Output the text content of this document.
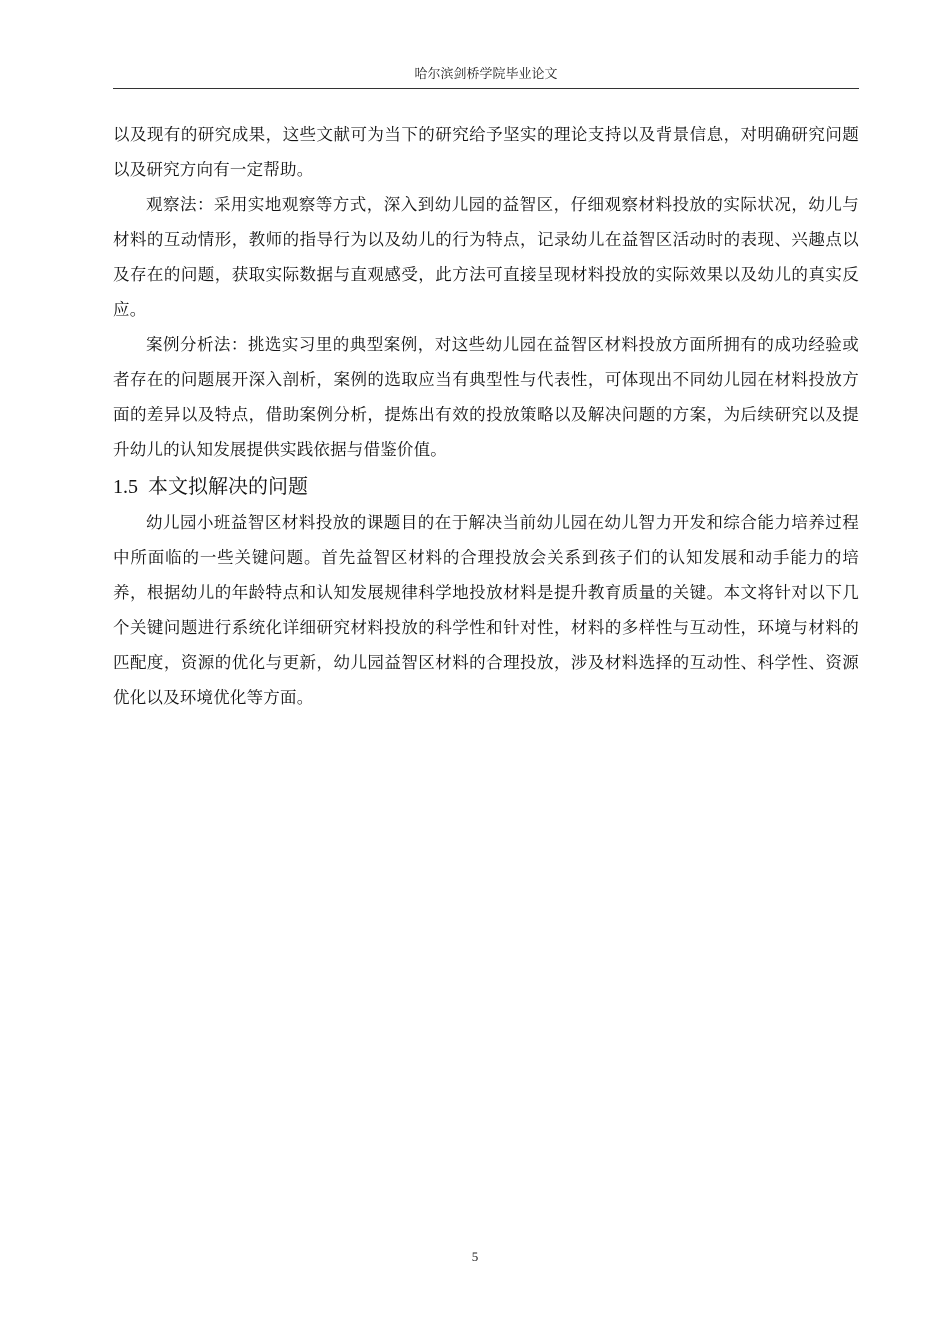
哈尔滨剑桥学院毕业论文

以及现有的研究成果，这些文献可为当下的研究给予坚实的理论支持以及背景信息，对明确研究问题以及研究方向有一定帮助。

观察法：采用实地观察等方式，深入到幼儿园的益智区，仔细观察材料投放的实际状况，幼儿与材料的互动情形，教师的指导行为以及幼儿的行为特点，记录幼儿在益智区活动时的表现、兴趣点以及存在的问题，获取实际数据与直观感受，此方法可直接呈现材料投放的实际效果以及幼儿的真实反应。

案例分析法：挑选实习里的典型案例，对这些幼儿园在益智区材料投放方面所拥有的成功经验或者存在的问题展开深入剖析，案例的选取应当有典型性与代表性，可体现出不同幼儿园在材料投放方面的差异以及特点，借助案例分析，提炼出有效的投放策略以及解决问题的方案，为后续研究以及提升幼儿的认知发展提供实践依据与借鉴价值。

1.5 本文拟解决的问题

幼儿园小班益智区材料投放的课题目的在于解决当前幼儿园在幼儿智力开发和综合能力培养过程中所面临的一些关键问题。首先益智区材料的合理投放会关系到孩子们的认知发展和动手能力的培养，根据幼儿的年龄特点和认知发展规律科学地投放材料是提升教育质量的关键。本文将针对以下几个关键问题进行系统化详细研究材料投放的科学性和针对性，材料的多样性与互动性，环境与材料的匹配度，资源的优化与更新，幼儿园益智区材料的合理投放，涉及材料选择的互动性、科学性、资源优化以及环境优化等方面。

5
